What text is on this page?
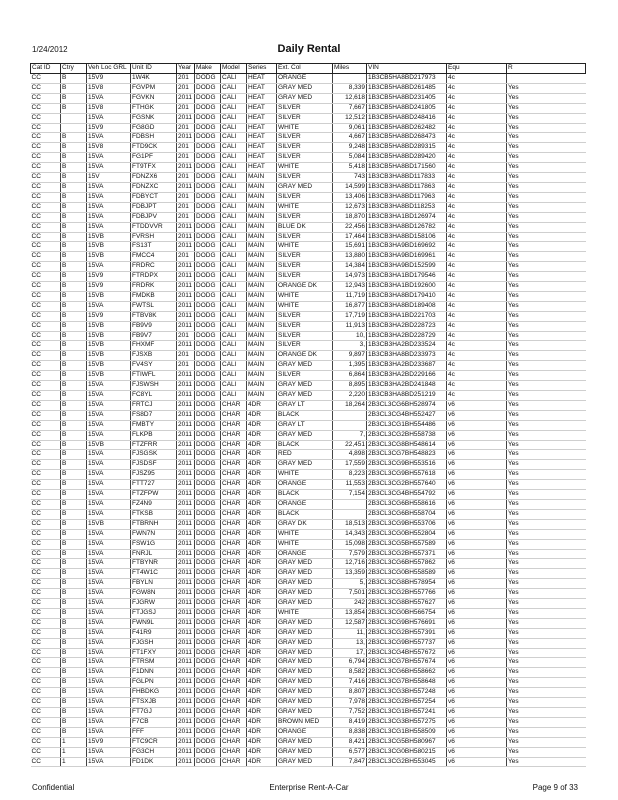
1/24/2012	Daily Rental
Cat ID	Ctry	Veh Loc GRL	Unit ID	Year	Make	Model	Series	Ext. Col	Miles	VIN	Equ	R
CC	B	15V9	1W4K	201	DODG	CALI	HEAT	ORANGE		1B3CB5HA8BD217973	4c	
CC	B	15V8	FGVPM	201	DODG	CALI	HEAT	GRAY MED	8,339	1B3CB5HA8BD261485	4c	Yes
CC	B	15VA	FGVKN	2011	DODG	CALI	HEAT	GRAY MED	12,618	1B3CB5HA8BD231405	4c	Yes
CC	B	15V8	FTHGK	201	DODG	CALI	HEAT	SILVER	7,667	1B3CB5HA8BD241805	4c	Yes
CC		15VA	FGSNK	2011	DODG	CALI	HEAT	SILVER	12,512	1B3CB5HA8BD248416	4c	Yes
CC		15V9	FG8GD	201	DODG	CALI	HEAT	WHITE	9,061	1B3CB5HA8BD262482	4c	Yes
CC	B	15VA	FDBSH	2011	DODG	CALI	HEAT	SILVER	4,667	1B3CB5HA8BD268473	4c	Yes
CC	B	15V8	FTD9CK	201	DODG	CALI	HEAT	SILVER	9,248	1B3CB5HA8BD289315	4c	Yes
CC	B	15VA	FG1PF	201	DODG	CALI	HEAT	SILVER	5,084	1B3CB5HA8BD289420	4c	Yes
CC	B	15VA	FT9TFX	2011	DODG	CALI	HEAT	WHITE	5,418	1B3CB5HA8BD171560	4c	Yes
CC	B	15V	FDNZX6	201	DODG	CALI	MAIN	SILVER	743	1B3CB3HA8BD117833	4c	Yes
CC	B	15VA	FDNZXC	2011	DODG	CALI	MAIN	GRAY MED	14,599	1B3CB3HA8BD117863	4c	Yes
CC	B	15VA	FDBYCT	201	DODG	CALI	MAIN	SILVER	13,406	1B3CB3HA8BD117963	4c	Yes
CC	B	15VA	FDBJPT	201	DODG	CALI	MAIN	WHITE	12,673	1B3CB3HA8BD118253	4c	Yes
CC	B	15VA	FDBJPV	201	DODG	CALI	MAIN	SILVER	18,870	1B3CB3HA1BD126974	4c	Yes
CC	B	15VA	FTDDVVR	2011	DODG	CALI	MAIN	BLUE DK	22,456	1B3CB3HA8BD126782	4c	Yes
CC	B	15VB	FVRSH	2011	DODG	CALI	MAIN	SILVER	17,464	1B3CB3HA8BD158106	4c	Yes
CC	B	15VB	FS13T	2011	DODG	CALI	MAIN	WHITE	15,691	1B3CB3HA9BD169692	4c	Yes
CC	B	15VB	FMCC4	201	DODG	CALI	MAIN	SILVER	13,880	1B3CB3HA9BD169961	4c	Yes
CC	B	15VA	FRDRC	2011	DODG	CALI	MAIN	SILVER	14,384	1B3CB3HA9BD152599	4c	Yes
CC	B	15V9	FTRDPX	2011	DODG	CALI	MAIN	SILVER	14,973	1B3CB3HA1BD179546	4c	Yes
CC	B	15V9	FRDRK	2011	DODG	CALI	MAIN	ORANGE DK	12,943	1B3CB3HA1BD192600	4c	Yes
CC	B	15VB	FMDKB	2011	DODG	CALI	MAIN	WHITE	11,719	1B3CB3HA8BD179410	4c	Yes
CC	B	15VA	FWTSL	2011	DODG	CALI	MAIN	WHITE	16,877	1B3CB3HA8BD189408	4c	Yes
CC	B	15V9	FTBV8K	2011	DODG	CALI	MAIN	SILVER	17,719	1B3CB3HA1BD221703	4c	Yes
CC	B	15VB	FB9V9	2011	DODG	CALI	MAIN	SILVER	11,913	1B3CB3HA2BD228723	4c	Yes
CC	B	15VB	FB9V7	201	DODG	CALI	MAIN	SILVER	10,	1B3CB3HA2BD228729	4c	Yes
CC	B	15VB	FHXMF	2011	DODG	CALI	MAIN	SILVER	3,	1B3CB3HA2BD233524	4c	Yes
CC	B	15VB	FJSXB	201	DODG	CALI	MAIN	ORANGE DK	9,897	1B3CB3HA8BD233973	4c	Yes
CC	B	15VB	FV4SY	201	DODG	CALI	MAIN	GRAY MED	1,395	1B3CB3HA2BD233687	4c	Yes
CC	B	15VB	FTIWFL	2011	DODG	CALI	MAIN	SILVER	6,864	1B3CB3HA2BD229166	4c	Yes
CC	B	15VA	FJSWSH	2011	DODG	CALI	MAIN	GRAY MED	8,895	1B3CB3HA2BD241848	4c	Yes
CC	B	15VA	FC8YL	2011	DODG	CALI	MAIN	GRAY MED	2,220	1B3CB3HA8BD251219	4c	Yes
CC	B	15VA	FRTCJ	2011	DODG	CHAR	4DR	GRAY LT	18,264	2B3CL3CG6BH528974	v6	Yes
CC	B	15VA	FS8D7	2011	DODG	CHAR	4DR	BLACK		2B3CL3CG4BH552427	v6	Yes
CC	B	15VA	FMBTY	2011	DODG	CHAR	4DR	GRAY LT		2B3CL3CG1BH554486	v6	Yes
CC	B	15VA	FLKPB	2011	DODG	CHAR	4DR	GRAY MED	7,	2B3CL3CG2BH558738	v6	Yes
CC	B	15VB	FTZFRR	2011	DODG	CHAR	4DR	BLACK	22,451	2B3CL3CG8BH548614	v6	Yes
CC	B	15VA	FJSGSK	2011	DODG	CHAR	4DR	RED	4,898	2B3CL3CG7BH548823	v6	Yes
CC	B	15VA	FJSDSF	2011	DODG	CHAR	4DR	GRAY MED	17,559	2B3CL3CG9BH553516	v6	Yes
CC	B	15VA	FJSZ95	2011	DODG	CHAR	4DR	WHITE	8,223	2B3CL3CG9BH557618	v6	Yes
CC	B	15VA	FTT727	2011	DODG	CHAR	4DR	ORANGE	11,553	2B3CL3CG2BH557640	v6	Yes
CC	B	15VA	FTZFPW	2011	DODG	CHAR	4DR	BLACK	7,154	2B3CL3CG4BH554792	v6	Yes
CC	B	15VA	FZ4N9	2011	DODG	CHAR	4DR	ORANGE		2B3CL3CG6BH558616	v6	Yes
CC	B	15VA	FTKSB	2011	DODG	CHAR	4DR	BLACK		2B3CL3CG6BH558704	v6	Yes
CC	B	15VB	FTBRNH	2011	DODG	CHAR	4DR	GRAY DK	18,513	2B3CL3CG9BH553706	v6	Yes
CC	B	15VA	FWN7N	2011	DODG	CHAR	4DR	WHITE	14,343	2B3CL3CG0BH552804	v6	Yes
CC	B	15VA	FSW1G	2011	DODG	CHAR	4DR	WHITE	15,098	2B3CL3CG5BH557589	v6	Yes
CC	B	15VA	FNRJL	2011	DODG	CHAR	4DR	ORANGE	7,579	2B3CL3CG2BH557371	v6	Yes
CC	B	15VA	FTBYNR	2011	DODG	CHAR	4DR	GRAY MED	12,716	2B3CL3CG6BH557862	v6	Yes
CC	B	15VA	FT4W1C	2011	DODG	CHAR	4DR	GRAY MED	13,359	2B3CL3CG0BH558589	v6	Yes
CC	B	15VA	FBYLN	2011	DODG	CHAR	4DR	GRAY MED	5,	2B3CL3CG8BH578954	v6	Yes
CC	B	15VA	FGW8N	2011	DODG	CHAR	4DR	GRAY MED	7,501	2B3CL3CG2BH557766	v6	Yes
CC	B	15VA	FJGRW	2011	DODG	CHAR	4DR	GRAY MED	242	2B3CL3CG8BH557627	v6	Yes
CC	B	15VA	FTJGSJ	2011	DODG	CHAR	4DR	WHITE	13,854	2B3CL3CG0BH566754	v6	Yes
CC	B	15VA	FWN9L	2011	DODG	CHAR	4DR	GRAY MED	12,587	2B3CL3CG9BH576691	v6	Yes
CC	B	15VA	F41R9	2011	DODG	CHAR	4DR	GRAY MED	11,	2B3CL3CG2BH557391	v6	Yes
CC	B	15VA	FJGSH	2011	DODG	CHAR	4DR	GRAY MED	13,	2B3CL3CG9BH557737	v6	Yes
CC	B	15VA	FT1FXY	2011	DODG	CHAR	4DR	GRAY MED	17,	2B3CL3CG4BH557672	v6	Yes
CC	B	15VA	FTRSM	2011	DODG	CHAR	4DR	GRAY MED	6,794	2B3CL3CG7BH557674	v6	Yes
CC	B	15VA	F1DNN	2011	DODG	CHAR	4DR	GRAY MED	8,582	2B3CL3CG6BH558662	v6	Yes
CC	B	15VA	FGLPN	2011	DODG	CHAR	4DR	GRAY MED	7,416	2B3CL3CG7BH558648	v6	Yes
CC	B	15VA	FHBDKG	2011	DODG	CHAR	4DR	GRAY MED	8,807	2B3CL3CG3BH557248	v6	Yes
CC	B	15VA	FTSXJB	2011	DODG	CHAR	4DR	GRAY MED	7,978	2B3CL3CG2BH557254	v6	Yes
CC	B	15VA	FT7GJ	2011	DODG	CHAR	4DR	GRAY MED	7,752	2B3CL3CG1BH557241	v6	Yes
CC	B	15VA	F7CB	2011	DODG	CHAR	4DR	BROWN MED	8,419	2B3CL3CG3BH557275	v6	Yes
CC	B	15VA	FFF	2011	DODG	CHAR	4DR	ORANGE	8,838	2B3CL3CG1BH558509	v6	Yes
CC	1	15V9	FTC9CR	2011	DODG	CHAR	4DR	GRAY MED	8,421	2B3CL3CG5BH580967	v6	Yes
CC	1	15VA	FG3CH	2011	DODG	CHAR	4DR	GRAY MED	6,577	2B3CL3CG0BH580215	v6	Yes
CC	1	15VA	FD1DK	2011	DODG	CHAR	4DR	GRAY MED	7,847	2B3CL3CG2BH553045	v6	Yes
Confidential	Enterprise Rent-A-Car	Page 9 of 33
